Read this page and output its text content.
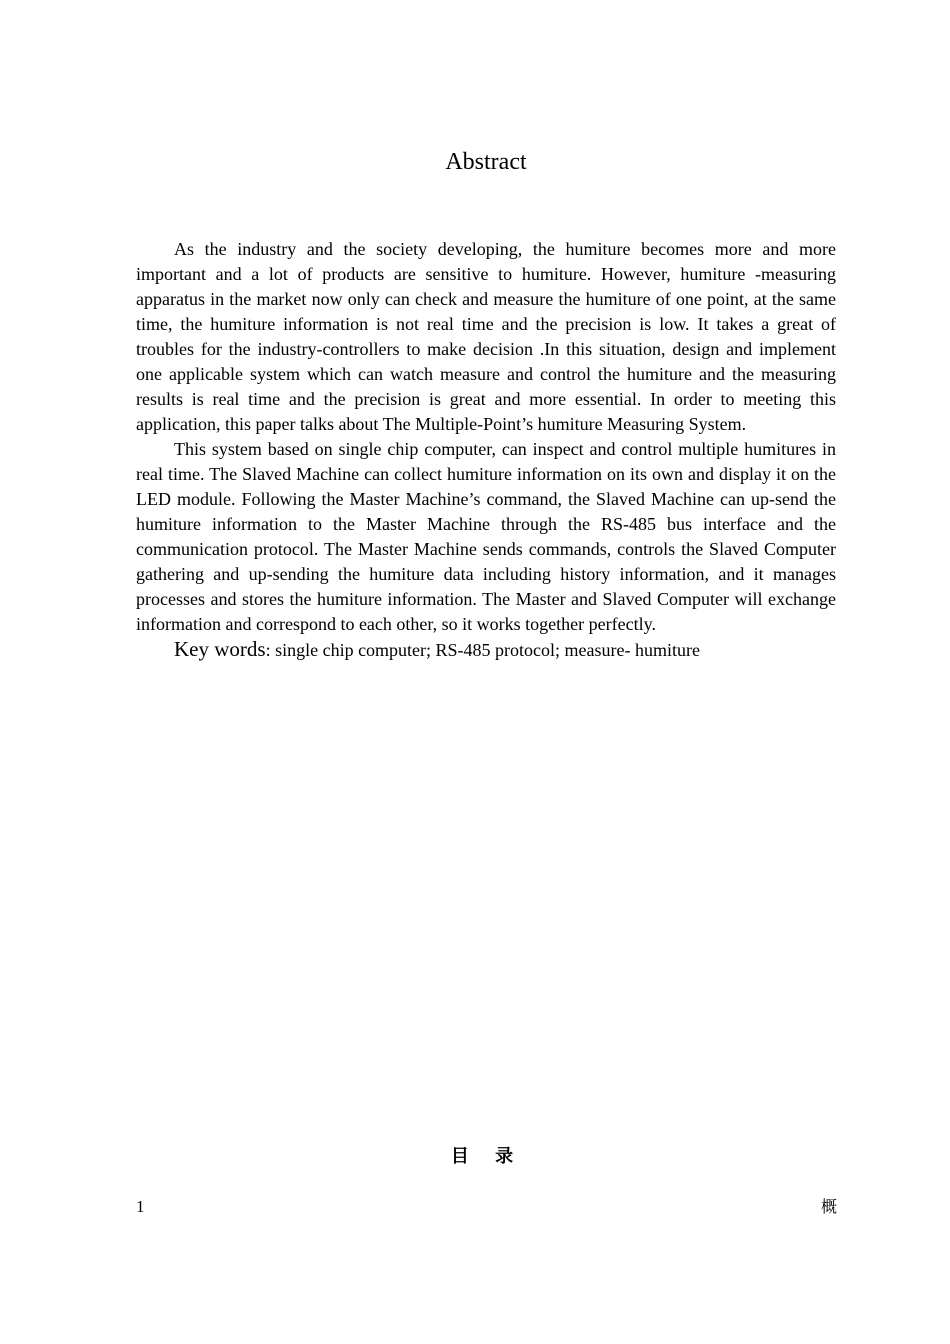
Abstract

As the industry and the society developing, the humiture becomes more and more important and a lot of products are sensitive to humiture. However, humiture -measuring apparatus in the market now only can check and measure the humiture of one point, at the same time, the humiture information is not real time and the precision is low. It takes a great of troubles for the industry-controllers to make decision .In this situation, design and implement one applicable system which can watch measure and control the humiture and the measuring results is real time and the precision is great and more essential. In order to meeting this application, this paper talks about The Multiple-Point’s humiture Measuring System.

This system based on single chip computer, can inspect and control multiple humitures in real time. The Slaved Machine can collect humiture information on its own and display it on the LED module. Following the Master Machine’s command, the Slaved Machine can up-send the humiture information to the Master Machine through the RS-485 bus interface and the communication protocol. The Master Machine sends commands, controls the Slaved Computer gathering and up-sending the humiture data including history information, and it manages processes and stores the humiture information. The Master and Slaved Computer will exchange information and correspond to each other, so it works together perfectly.

Key words: single chip computer; RS-485 protocol; measure- humiture

目 录
1	概
